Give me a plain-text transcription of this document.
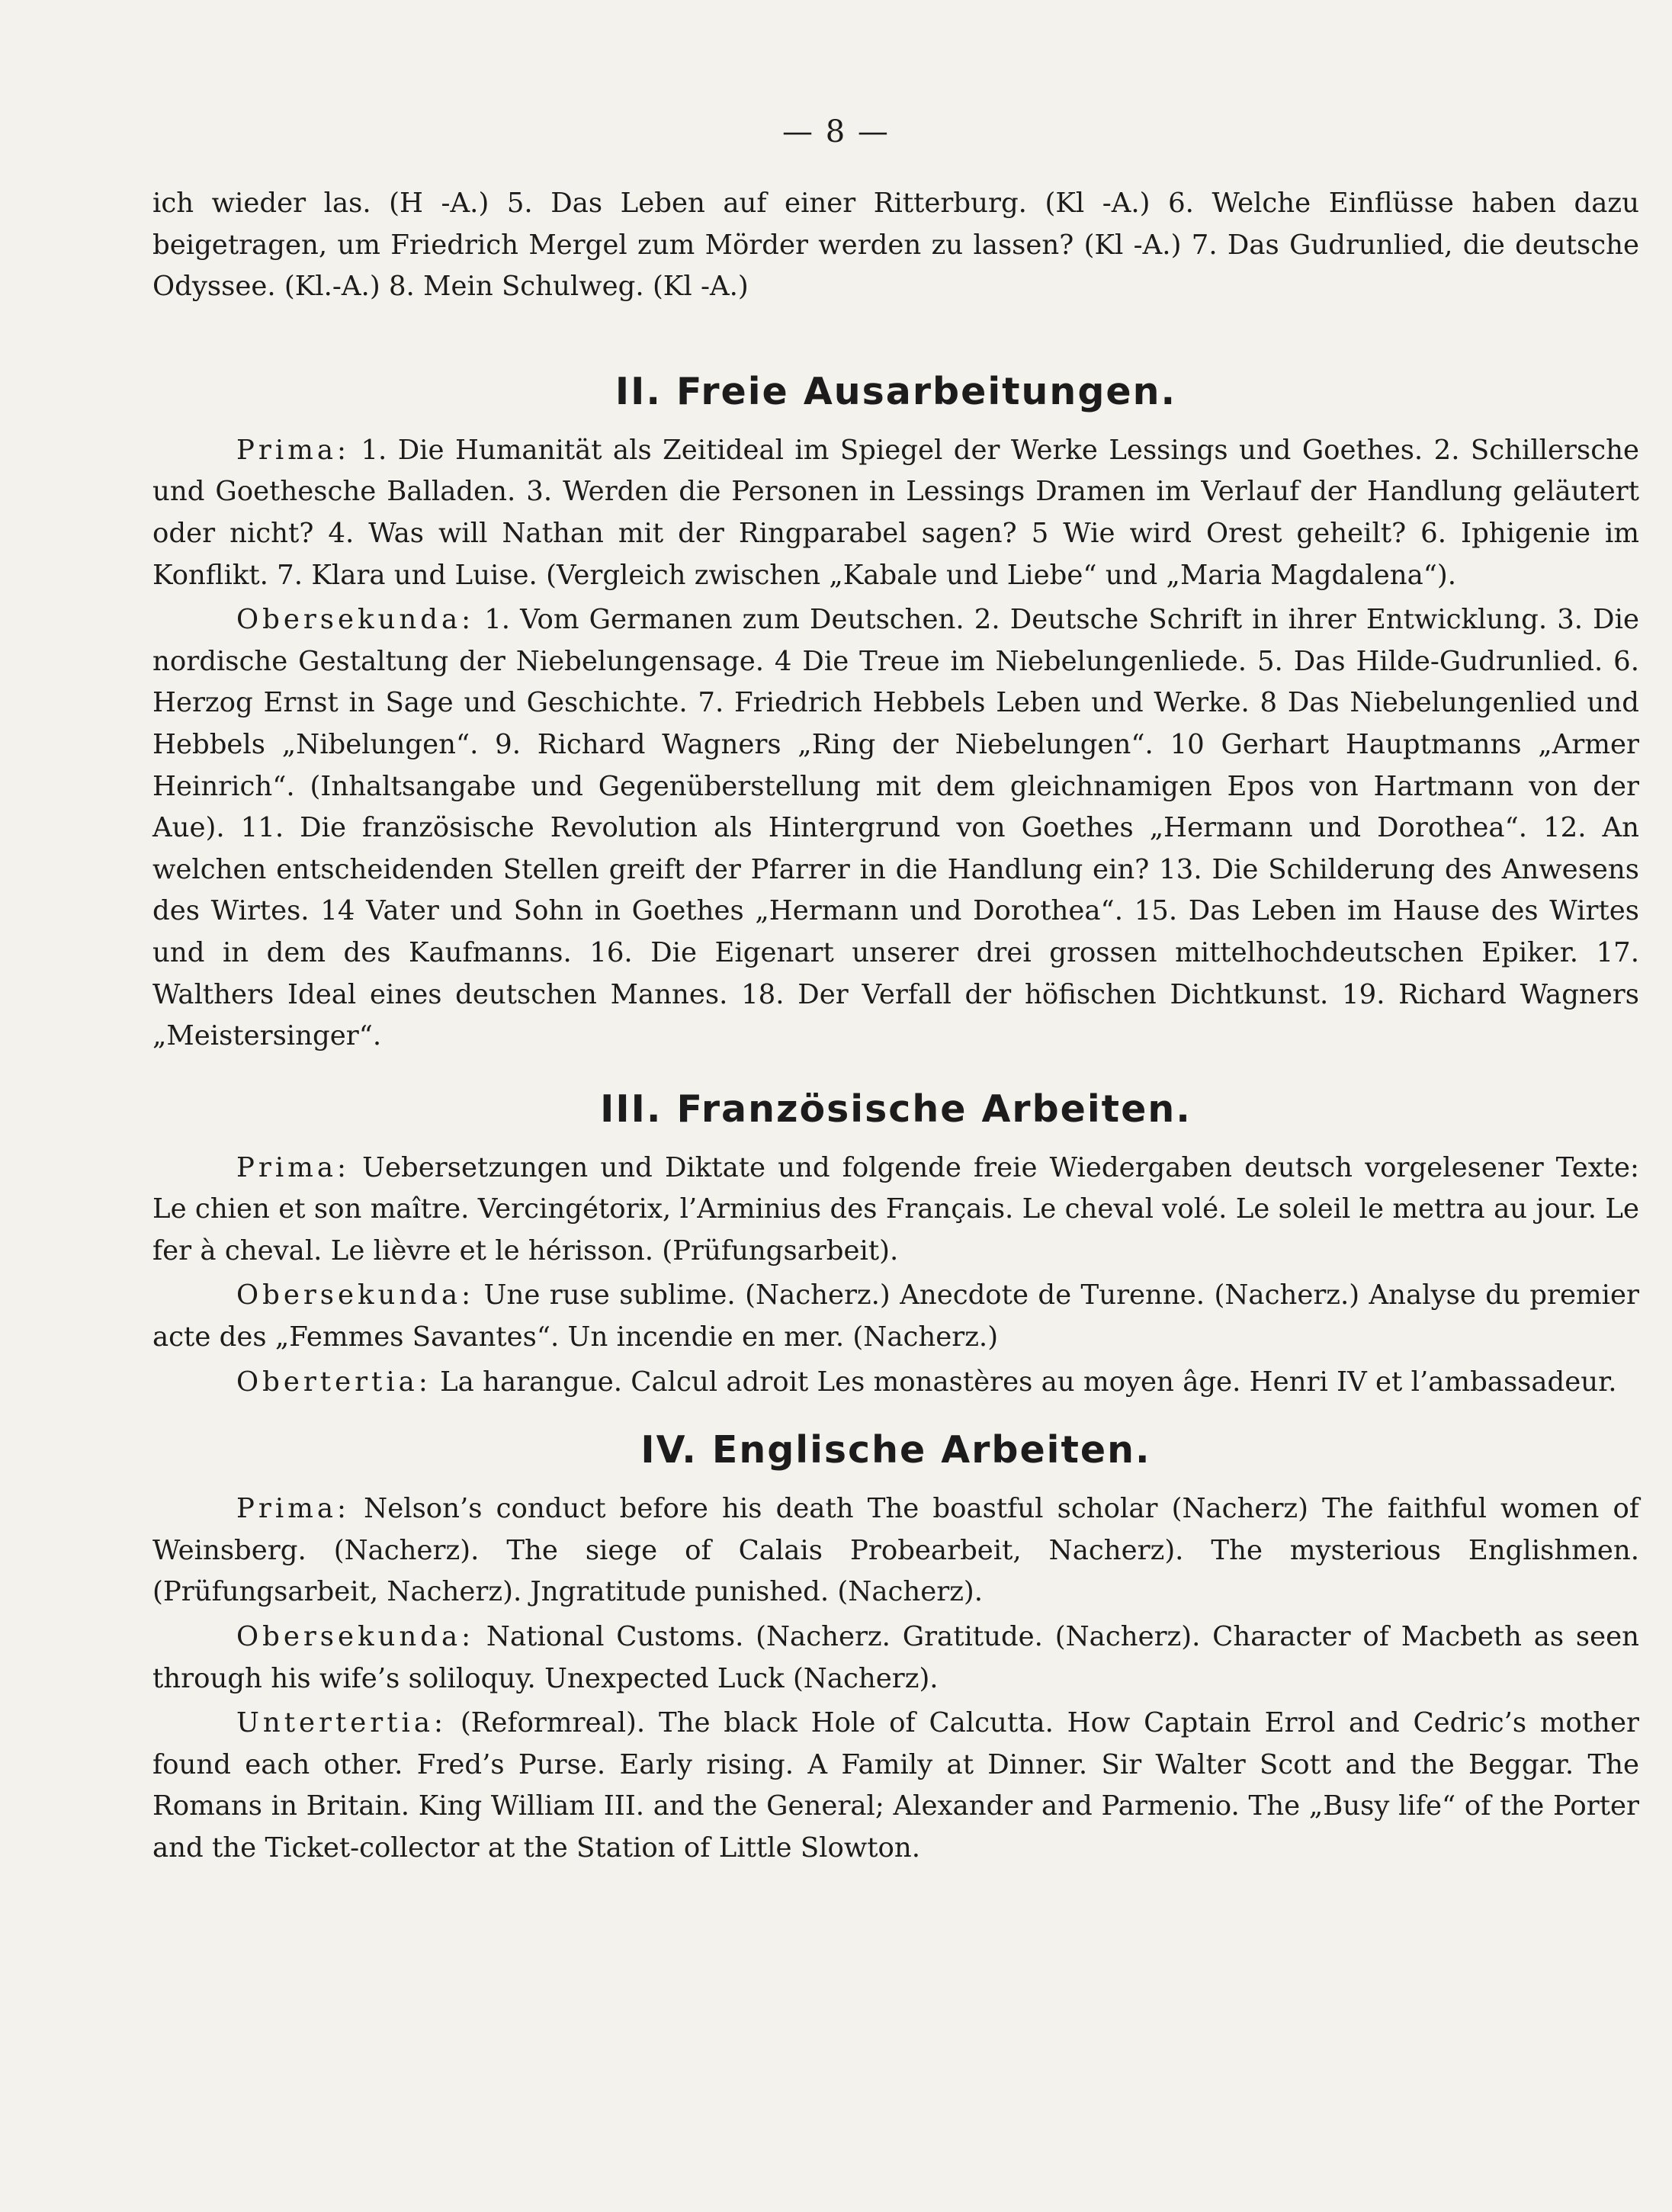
— 8 —

ich wieder las. (H -A.) 5. Das Leben auf einer Ritterburg. (Kl -A.) 6. Welche Einflüsse haben dazu beigetragen, um Friedrich Mergel zum Mörder werden zu lassen? (Kl -A.) 7. Das Gudrunlied, die deutsche Odyssee. (Kl.-A.) 8. Mein Schulweg. (Kl -A.)

II. Freie Ausarbeitungen.

Prima: 1. Die Humanität als Zeitideal im Spiegel der Werke Lessings und Goethes. 2. Schillersche und Goethesche Balladen. 3. Werden die Personen in Lessings Dramen im Verlauf der Handlung geläutert oder nicht? 4. Was will Nathan mit der Ringparabel sagen? 5 Wie wird Orest geheilt? 6. Iphigenie im Konflikt. 7. Klara und Luise. (Vergleich zwischen „Kabale und Liebe“ und „Maria Magdalena“).

Obersekunda: 1. Vom Germanen zum Deutschen. 2. Deutsche Schrift in ihrer Entwicklung. 3. Die nordische Gestaltung der Niebelungensage. 4 Die Treue im Niebelungenliede. 5. Das Hilde-Gudrunlied. 6. Herzog Ernst in Sage und Geschichte. 7. Friedrich Hebbels Leben und Werke. 8 Das Niebelungenlied und Hebbels „Nibelungen“. 9. Richard Wagners „Ring der Niebelungen“. 10 Gerhart Hauptmanns „Armer Heinrich“. (Inhaltsangabe und Gegenüberstellung mit dem gleichnamigen Epos von Hartmann von der Aue). 11. Die französische Revolution als Hintergrund von Goethes „Hermann und Dorothea“. 12. An welchen entscheidenden Stellen greift der Pfarrer in die Handlung ein? 13. Die Schilderung des Anwesens des Wirtes. 14 Vater und Sohn in Goethes „Hermann und Dorothea“. 15. Das Leben im Hause des Wirtes und in dem des Kaufmanns. 16. Die Eigenart unserer drei grossen mittelhochdeutschen Epiker. 17. Walthers Ideal eines deutschen Mannes. 18. Der Verfall der höfischen Dichtkunst. 19. Richard Wagners „Meistersinger“.

III. Französische Arbeiten.

Prima: Uebersetzungen und Diktate und folgende freie Wiedergaben deutsch vorgelesener Texte: Le chien et son maître. Vercingétorix, l’Arminius des Français. Le cheval volé. Le soleil le mettra au jour. Le fer à cheval. Le lièvre et le hérisson. (Prüfungsarbeit).

Obersekunda: Une ruse sublime. (Nacherz.) Anecdote de Turenne. (Nacherz.) Analyse du premier acte des „Femmes Savantes“. Un incendie en mer. (Nacherz.)

Obertertia: La harangue. Calcul adroit Les monastères au moyen âge. Henri IV et l’ambassadeur.

IV. Englische Arbeiten.

Prima: Nelson’s conduct before his death The boastful scholar (Nacherz) The faithful women of Weinsberg. (Nacherz). The siege of Calais Probearbeit, Nacherz). The mysterious Englishmen. (Prüfungsarbeit, Nacherz). Jngratitude punished. (Nacherz).

Obersekunda: National Customs. (Nacherz. Gratitude. (Nacherz). Character of Macbeth as seen through his wife’s soliloquy. Unexpected Luck (Nacherz).

Untertertia: (Reformreal). The black Hole of Calcutta. How Captain Errol and Cedric’s mother found each other. Fred’s Purse. Early rising. A Family at Dinner. Sir Walter Scott and the Beggar. The Romans in Britain. King William III. and the General; Alexander and Parmenio. The „Busy life“ of the Porter and the Ticket-collector at the Station of Little Slowton.
